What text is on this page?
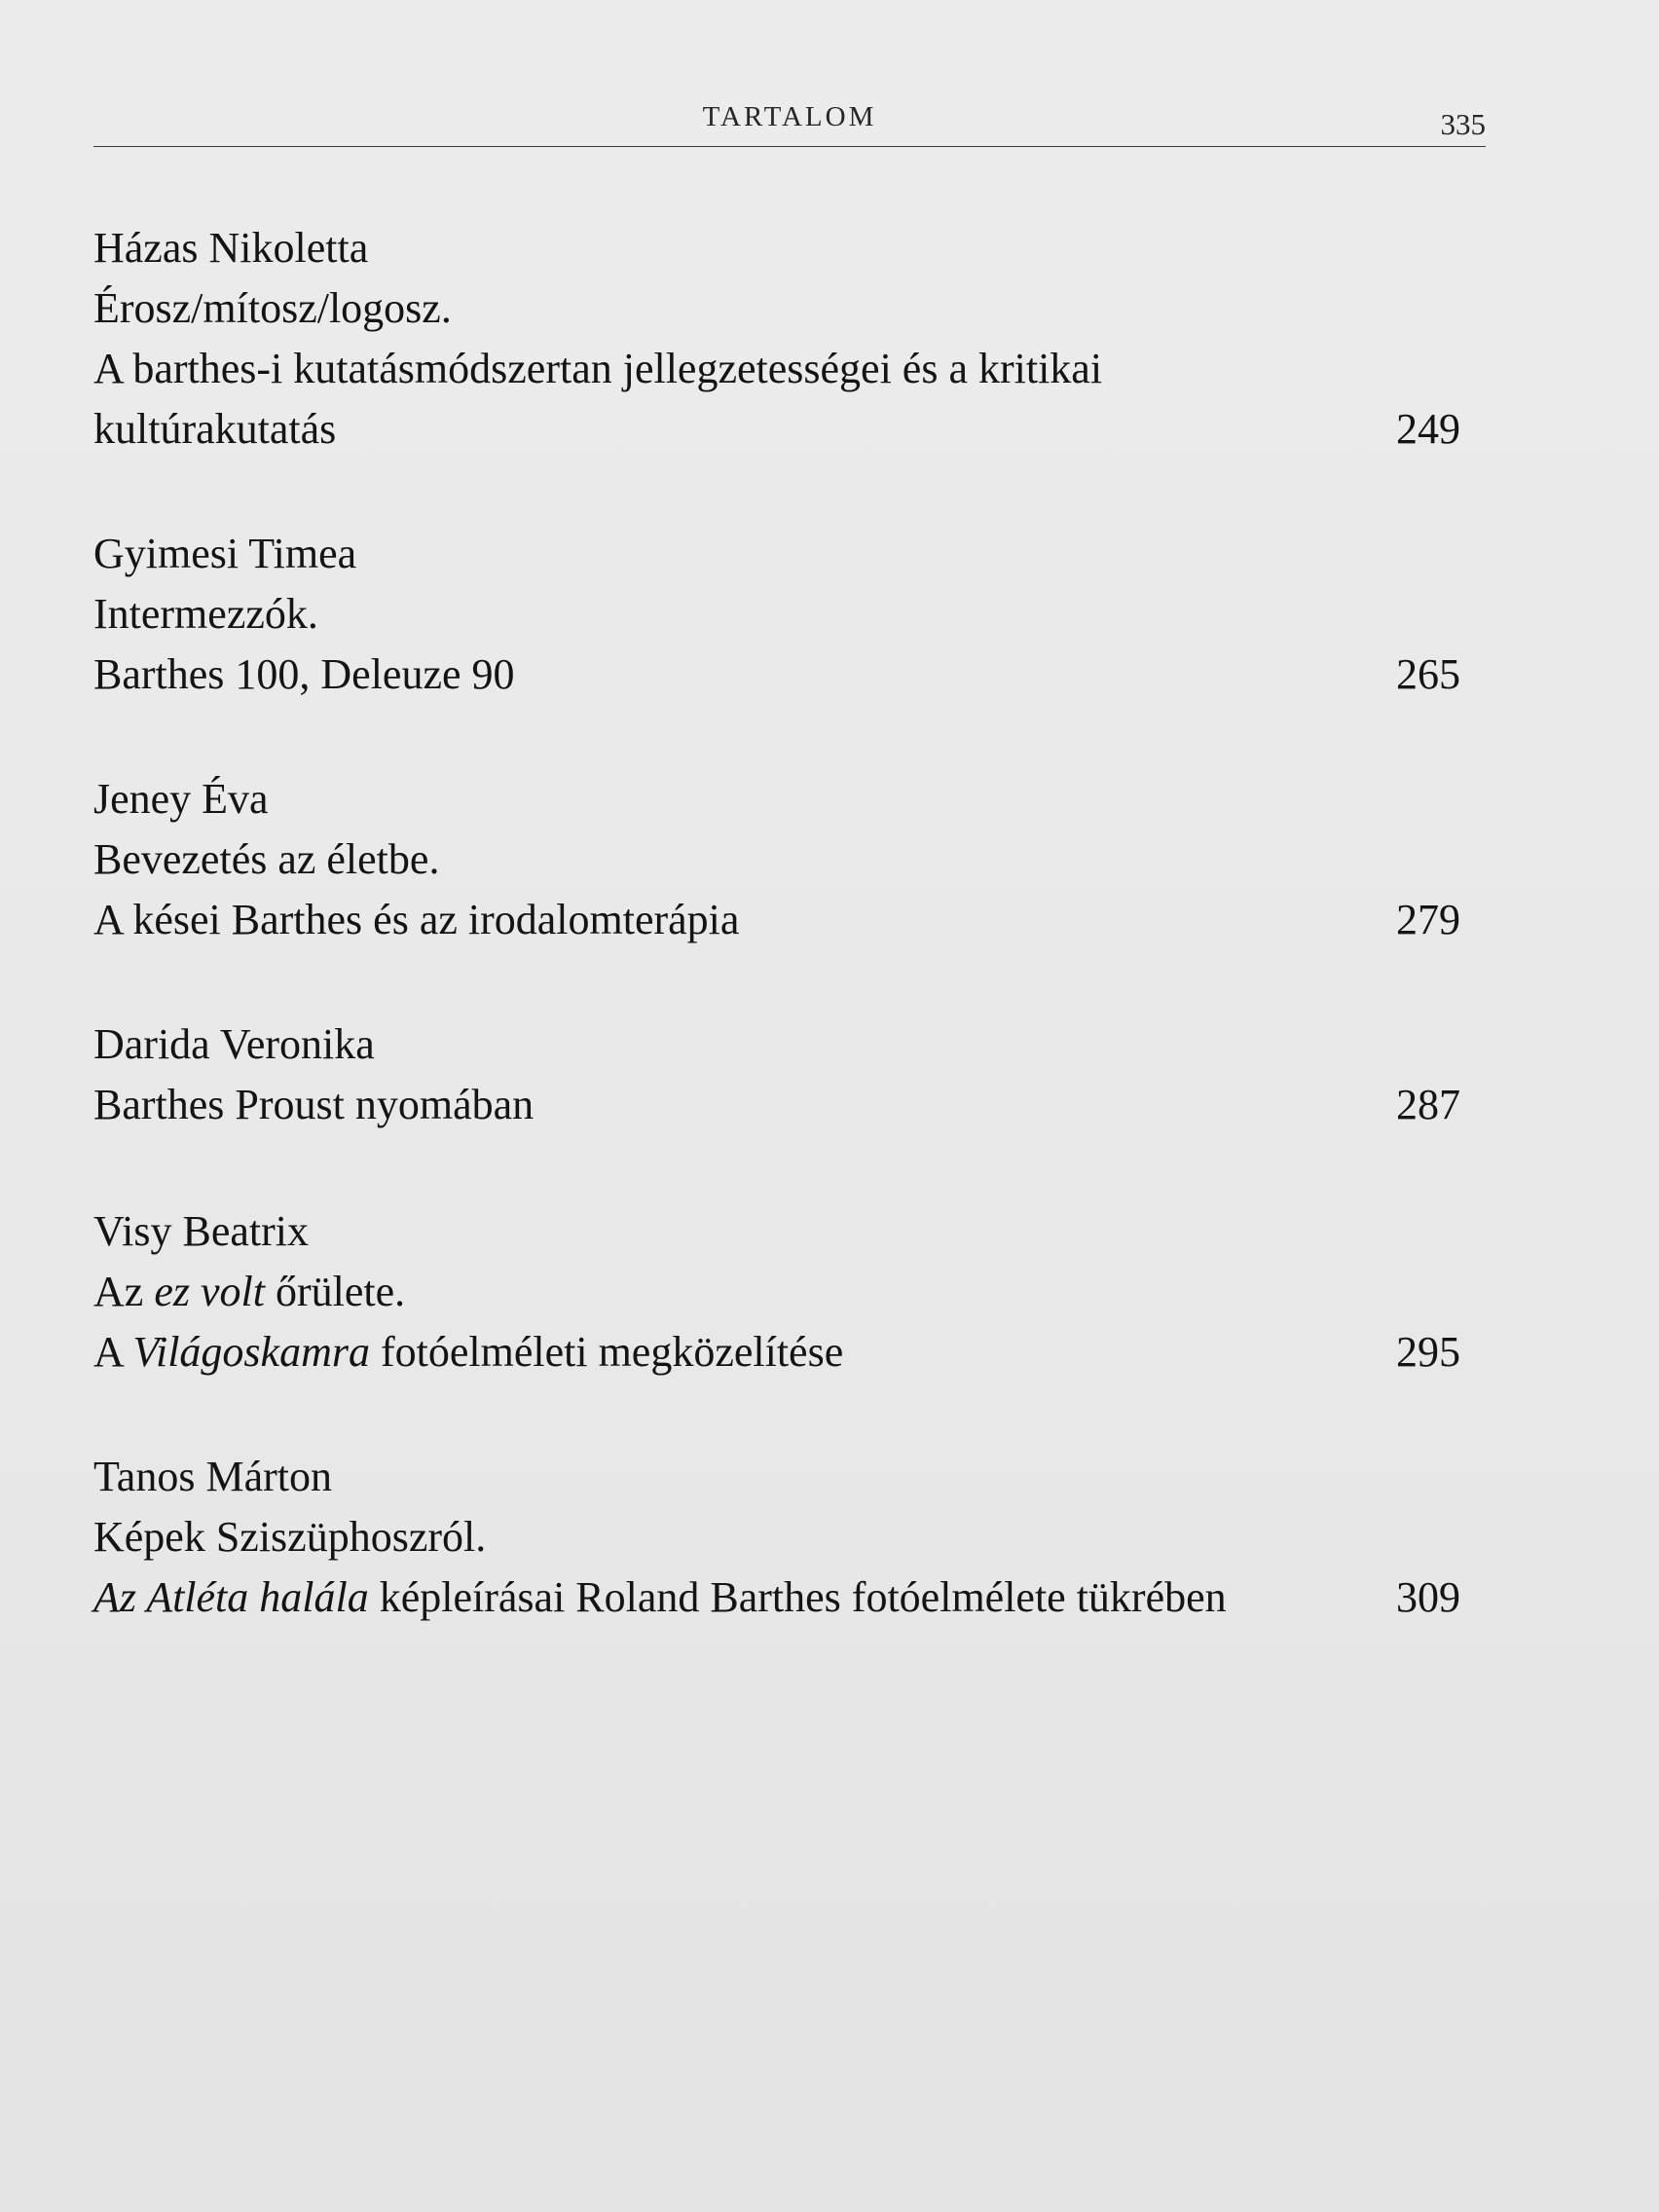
TARTALOM	335
Házas Nikoletta
Érosz/mítosz/logosz.
A barthes-i kutatásmódszertan jellegzetességei és a kritikai
kultúrakutatás	249
Gyimesi Timea
Intermezzók.
Barthes 100, Deleuze 90	265
Jeney Éva
Bevezetés az életbe.
A kései Barthes és az irodalomterápia	279
Darida Veronika
Barthes Proust nyomában	287
Visy Beatrix
Az ez volt őrülete.
A Világoskamra fotóelméleti megközelítése	295
Tanos Márton
Képek Sziszüphoszról.
Az Atléta halála képleírásai Roland Barthes fotóelmélete tükrében	309
